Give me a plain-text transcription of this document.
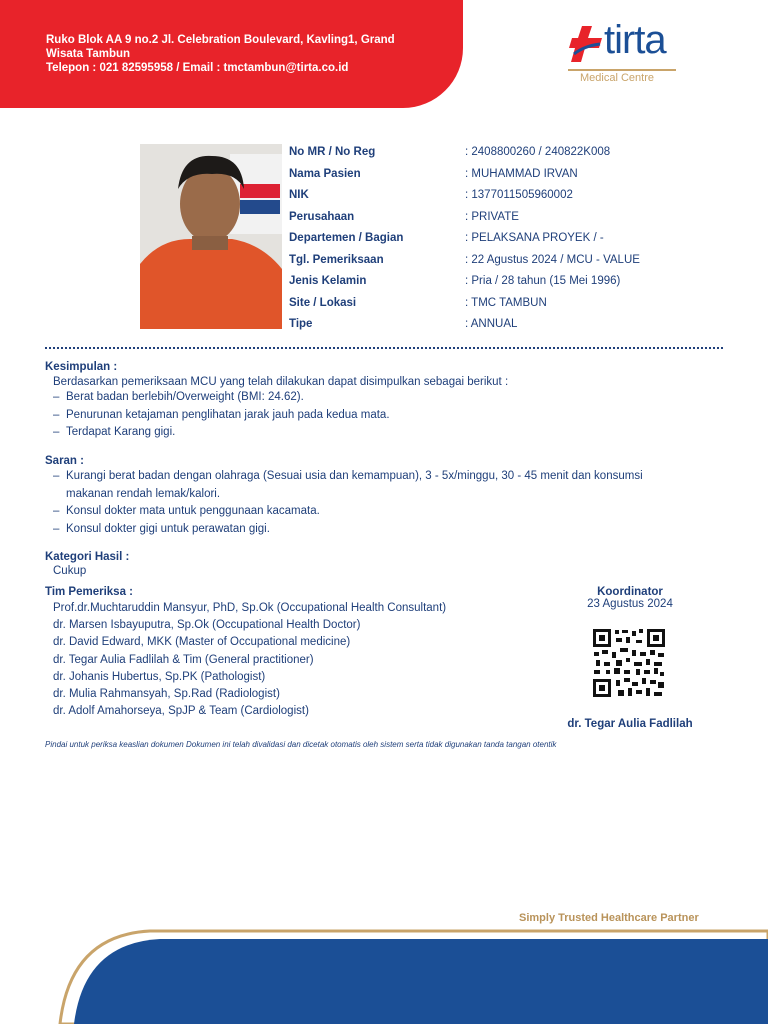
Ruko Blok AA 9 no.2 Jl. Celebration Boulevard, Kavling1, Grand
Wisata Tambun
Telepon : 021 82595958 / Email : tmctambun@tirta.co.id
tirta
Medical Centre
No MR / No Reg	: 2408800260 / 240822K008
Nama Pasien	: MUHAMMAD IRVAN
NIK	: 1377011505960002
Perusahaan	: PRIVATE
Departemen / Bagian	: PELAKSANA PROYEK / -
Tgl. Pemeriksaan	: 22 Agustus 2024 / MCU - VALUE
Jenis Kelamin	: Pria / 28 tahun (15 Mei 1996)
Site / Lokasi	: TMC TAMBUN
Tipe	: ANNUAL
Kesimpulan :
Berdasarkan pemeriksaan MCU yang telah dilakukan dapat disimpulkan sebagai berikut :
– Berat badan berlebih/Overweight (BMI: 24.62).
– Penurunan ketajaman penglihatan jarak jauh pada kedua mata.
– Terdapat Karang gigi.
Saran :
– Kurangi berat badan dengan olahraga (Sesuai usia dan kemampuan), 3 - 5x/minggu, 30 - 45 menit dan konsumsi makanan rendah lemak/kalori.
– Konsul dokter mata untuk penggunaan kacamata.
– Konsul dokter gigi untuk perawatan gigi.
Kategori Hasil :
Cukup
Tim Pemeriksa :
Prof.dr.Muchtaruddin Mansyur, PhD, Sp.Ok (Occupational Health Consultant)
dr. Marsen Isbayuputra, Sp.Ok (Occupational Health Doctor)
dr. David Edward, MKK (Master of Occupational medicine)
dr. Tegar Aulia Fadlilah & Tim (General practitioner)
dr. Johanis Hubertus, Sp.PK (Pathologist)
dr. Mulia Rahmansyah, Sp.Rad (Radiologist)
dr. Adolf Amahorseya, SpJP & Team (Cardiologist)
Koordinator
23 Agustus 2024
dr. Tegar Aulia Fadlilah
Pindai untuk periksa keaslian dokumen Dokumen ini telah divalidasi dan dicetak otomatis oleh sistem serta tidak digunakan tanda tangan otentik
Simply Trusted Healthcare Partner
